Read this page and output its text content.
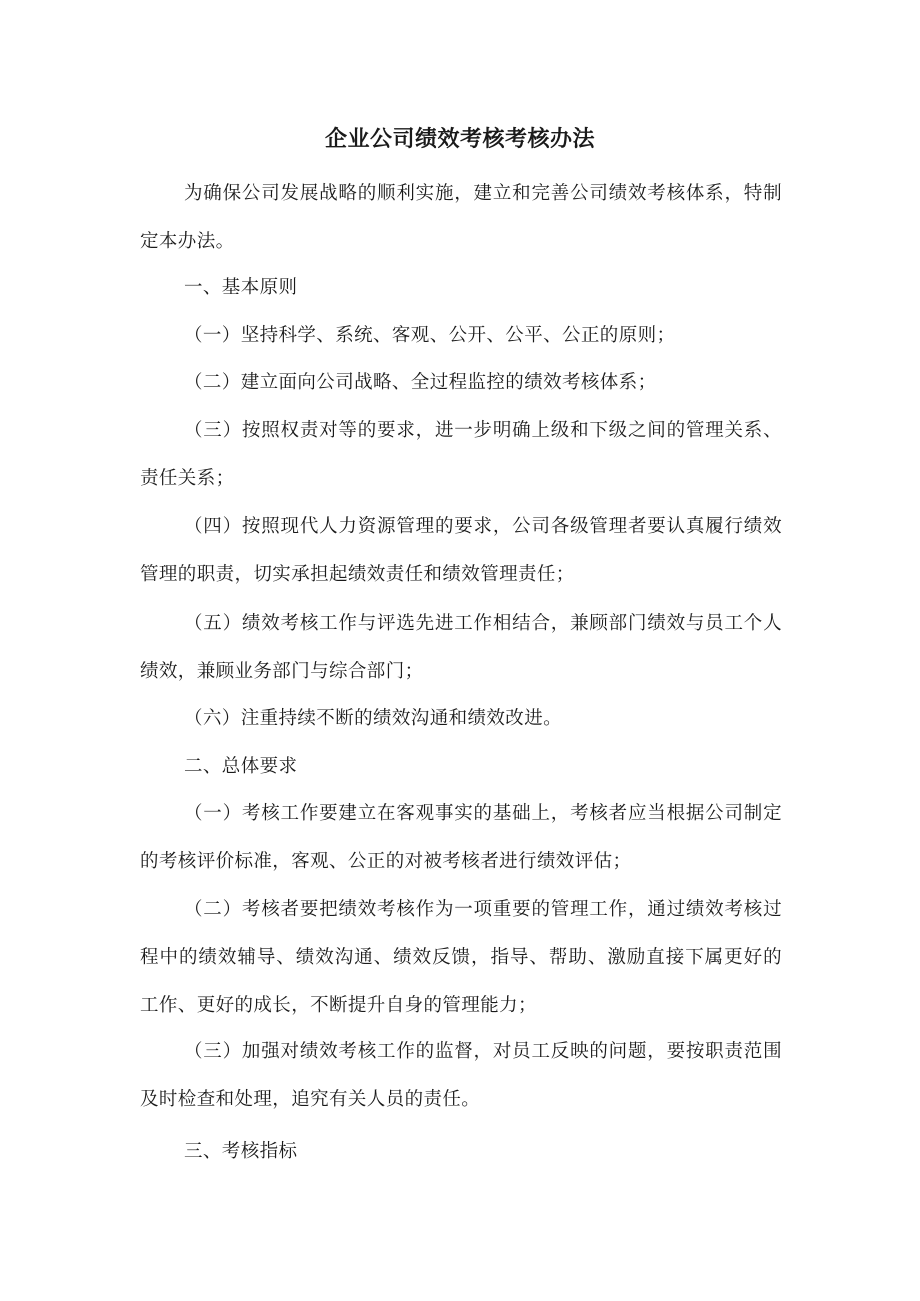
企业公司绩效考核考核办法

为确保公司发展战略的顺利实施，建立和完善公司绩效考核体系，特制定本办法。

一、基本原则

（一）坚持科学、系统、客观、公开、公平、公正的原则；

（二）建立面向公司战略、全过程监控的绩效考核体系；

（三）按照权责对等的要求，进一步明确上级和下级之间的管理关系、责任关系；

（四）按照现代人力资源管理的要求，公司各级管理者要认真履行绩效管理的职责，切实承担起绩效责任和绩效管理责任；

（五）绩效考核工作与评选先进工作相结合，兼顾部门绩效与员工个人绩效，兼顾业务部门与综合部门；

（六）注重持续不断的绩效沟通和绩效改进。

二、总体要求

（一）考核工作要建立在客观事实的基础上，考核者应当根据公司制定的考核评价标准，客观、公正的对被考核者进行绩效评估；

（二）考核者要把绩效考核作为一项重要的管理工作，通过绩效考核过程中的绩效辅导、绩效沟通、绩效反馈，指导、帮助、激励直接下属更好的工作、更好的成长，不断提升自身的管理能力；

（三）加强对绩效考核工作的监督，对员工反映的问题，要按职责范围及时检查和处理，追究有关人员的责任。

三、考核指标
